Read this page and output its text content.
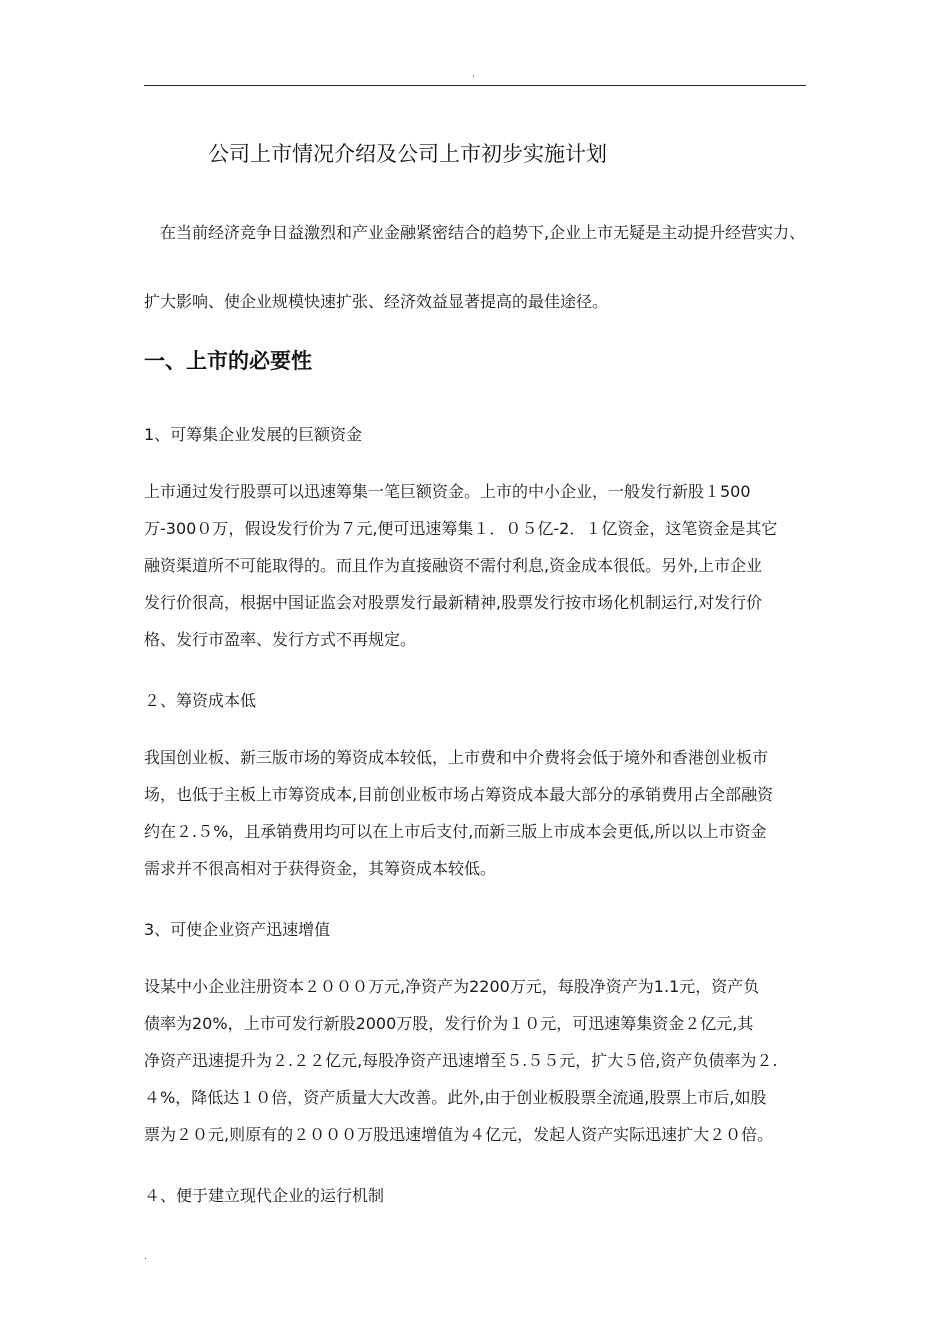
.
公司上市情况介绍及公司上市初步实施计划

在当前经济竞争日益激烈和产业金融紧密结合的趋势下,企业上市无疑是主动提升经营实力、扩大影响、使企业规模快速扩张、经济效益显著提高的最佳途径。

一、上市的必要性

1、可筹集企业发展的巨额资金

上市通过发行股票可以迅速筹集一笔巨额资金。上市的中小企业，一般发行新股１500
万-300０万，假设发行价为７元,便可迅速筹集１．０５亿-2．１亿资金，这笔资金是其它
融资渠道所不可能取得的。而且作为直接融资不需付利息,资金成本很低。另外,上市企业
发行价很高，根据中国证监会对股票发行最新精神,股票发行按市场化机制运行,对发行价
格、发行市盈率、发行方式不再规定。

２、筹资成本低

我国创业板、新三版市场的筹资成本较低，上市费和中介费将会低于境外和香港创业板市
场，也低于主板上市筹资成本,目前创业板市场占筹资成本最大部分的承销费用占全部融资
约在２.５%，且承销费用均可以在上市后支付,而新三版上市成本会更低,所以以上市资金
需求并不很高相对于获得资金，其筹资成本较低。

3、可使企业资产迅速增值

设某中小企业注册资本２０００万元,净资产为2200万元，每股净资产为1.1元，资产负
债率为20%，上市可发行新股2000万股，发行价为１０元，可迅速筹集资金２亿元,其
净资产迅速提升为２.２２亿元,每股净资产迅速增至５.５５元，扩大５倍,资产负债率为２.
４%，降低达１０倍，资产质量大大改善。此外,由于创业板股票全流通,股票上市后,如股
票为２０元,则原有的２０００万股迅速增值为４亿元，发起人资产实际迅速扩大２０倍。

４、便于建立现代企业的运行机制

.
